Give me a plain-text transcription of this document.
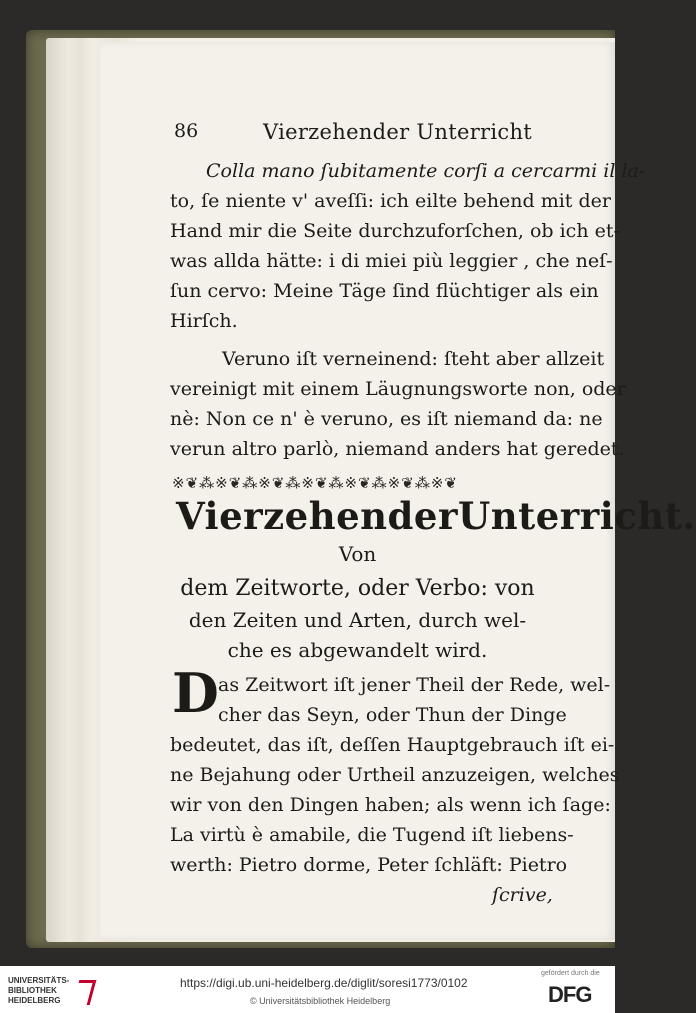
86	Vierzehender Unterricht
Colla mano ſubitamente corſi a cercarmi il la-
to, ſe niente v' aveſſi: ich eilte behend mit der
Hand mir die Seite durchzuforſchen, ob ich et-
was allda hätte: i di miei più leggier , che neſ-
ſun cervo: Meine Täge ſind flüchtiger als ein
Hirſch.
Veruno iſt verneinend: ſteht aber allzeit
vereinigt mit einem Läugnungsworte non, oder
nè: Non ce n' è veruno, es iſt niemand da: ne
verun altro parlò, niemand anders hat geredet.
※❦⁂※❦⁂※❦⁂※❦⁂※❦⁂※❦⁂※❦
VierzehenderUnterricht.
Von
dem Zeitworte, oder Verbo: von
den Zeiten und Arten, durch wel-
che es abgewandelt wird.
D as Zeitwort iſt jener Theil der Rede, wel-
cher das Seyn, oder Thun der Dinge
bedeutet, das iſt, deſſen Hauptgebrauch iſt ei-
ne Bejahung oder Urtheil anzuzeigen, welches
wir von den Dingen haben; als wenn ich ſage:
La virtù è amabile, die Tugend iſt liebens-
werth: Pietro dorme, Peter ſchläft: Pietro
ſcrive,
UNIVERSITÄTS-
BIBLIOTHEK
HEIDELBERG
https://digi.ub.uni-heidelberg.de/diglit/soresi1773/0102
© Universitätsbibliothek Heidelberg
gefördert durch die
DFG
